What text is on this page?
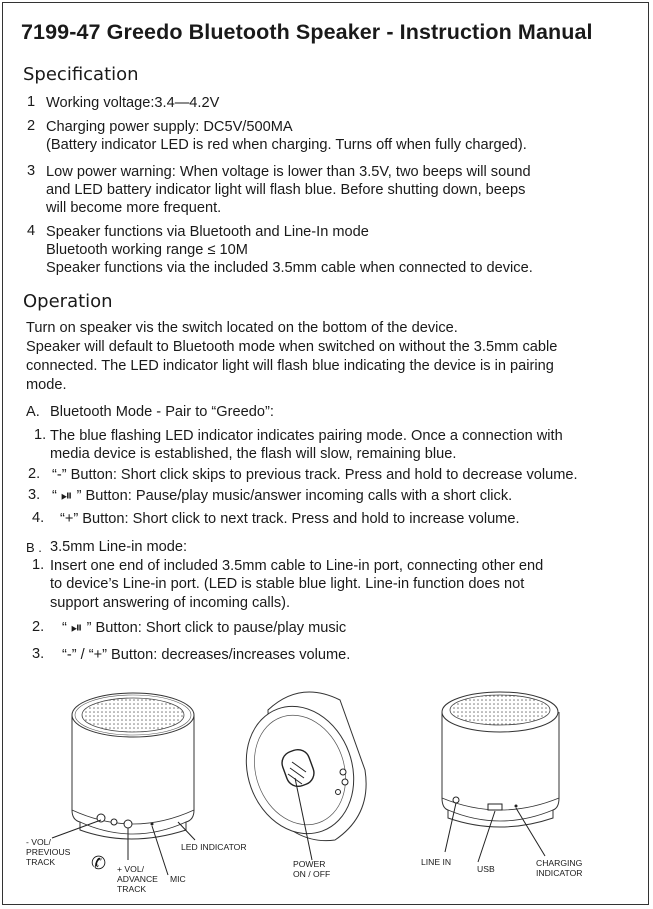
7199-47 Greedo Bluetooth Speaker - Instruction Manual
Specification
1 Working voltage:3.4—4.2V
2 Charging power supply: DC5V/500MA
(Battery indicator LED is red when charging. Turns off when fully charged).
3 Low power warning: When voltage is lower than 3.5V, two beeps will sound
and LED battery indicator light will flash blue. Before shutting down, beeps
will become more frequent.
4 Speaker functions via Bluetooth and Line-In mode
Bluetooth working range ≤ 10M
Speaker functions via the included 3.5mm cable when connected to device.
Operation
Turn on speaker vis the switch located on the bottom of the device.
Speaker will default to Bluetooth mode when switched on without the 3.5mm cable
connected. The LED indicator light will flash blue indicating the device is in pairing
mode.
A. Bluetooth Mode - Pair to “Greedo”:
1. The blue flashing LED indicator indicates pairing mode. Once a connection with
media device is established, the flash will slow, remaining blue.
2. “-” Button: Short click skips to previous track. Press and hold to decrease volume.
3. “ ⏯ ” Button: Pause/play music/answer incoming calls with a short click.
4. “+” Button: Short click to next track. Press and hold to increase volume.
B . 3.5mm Line-in mode:
1. Insert one end of included 3.5mm cable to Line-in port, connecting other end
to device’s Line-in port. (LED is stable blue light. Line-in function does not
support answering of incoming calls).
2. “ ⏯ ” Button: Short click to pause/play music
3. “-” / “+” Button: decreases/increases volume.
✆
- VOL/
PREVIOUS
TRACK
+ VOL/
ADVANCE
TRACK
MIC
LED INDICATOR
POWER
ON / OFF
LINE IN
USB
CHARGING
INDICATOR
